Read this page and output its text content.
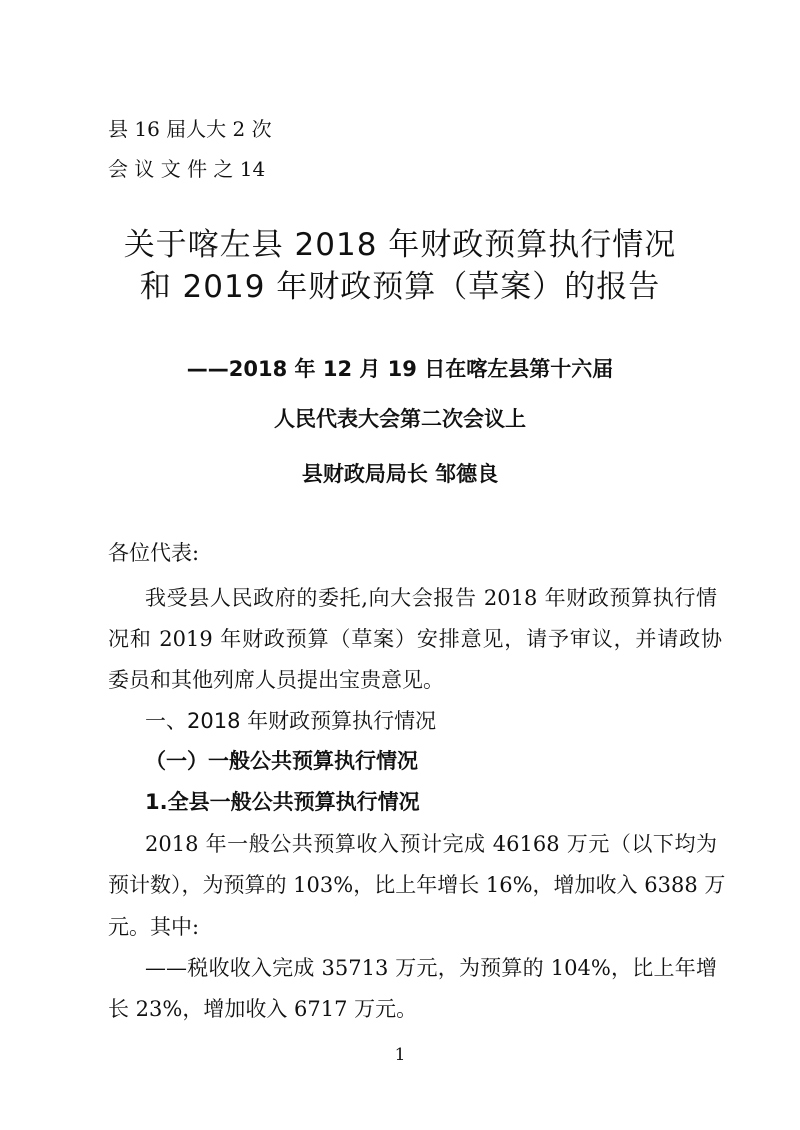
县 16 届人大 2 次
会 议 文 件 之 14
关于喀左县 2018 年财政预算执行情况
和 2019 年财政预算（草案）的报告
——2018 年 12 月 19 日在喀左县第十六届
人民代表大会第二次会议上
县财政局局长 邹德良
各位代表:
我受县人民政府的委托,向大会报告 2018 年财政预算执行情
况和 2019 年财政预算（草案）安排意见，请予审议，并请政协
委员和其他列席人员提出宝贵意见。
一、2018 年财政预算执行情况
（一）一般公共预算执行情况
1.全县一般公共预算执行情况
2018 年一般公共预算收入预计完成 46168 万元（以下均为
预计数），为预算的 103%，比上年增长 16%，增加收入 6388 万
元。其中:
——税收收入完成 35713 万元，为预算的 104%，比上年增
长 23%，增加收入 6717 万元。
1
